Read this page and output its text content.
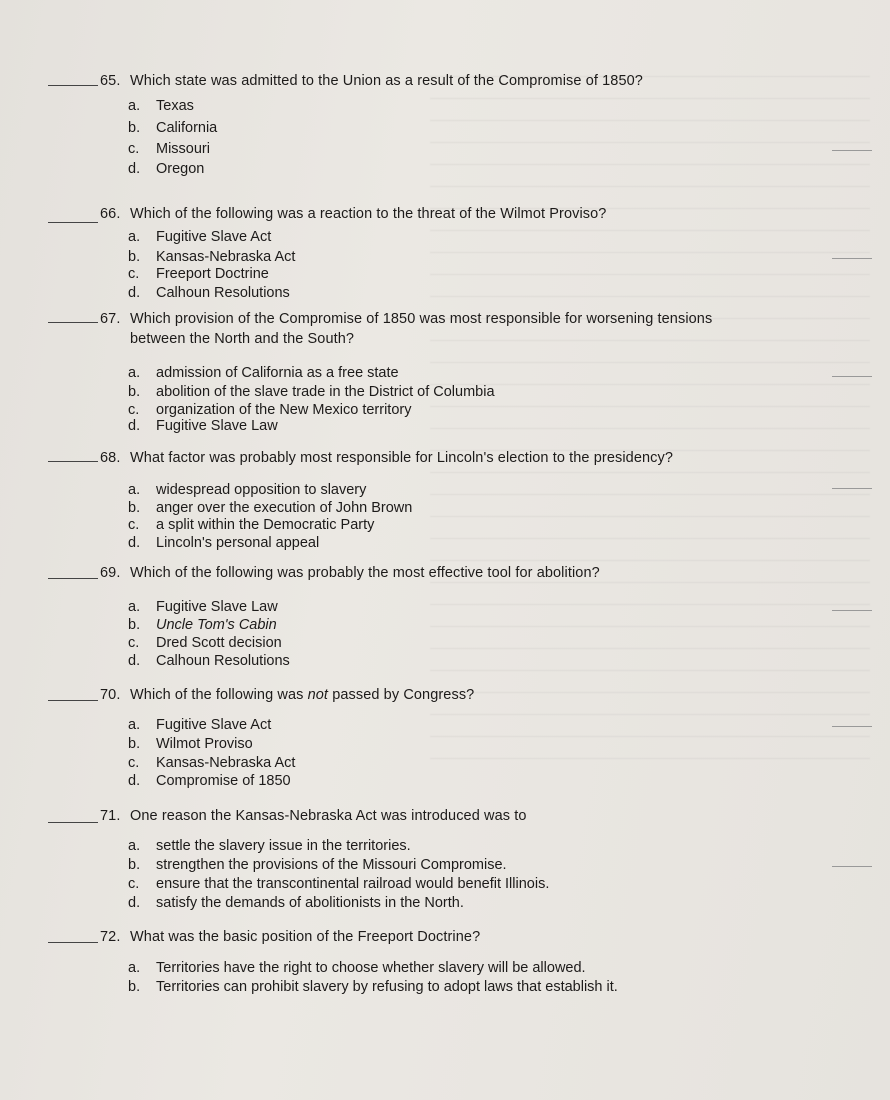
65. Which state was admitted to the Union as a result of the Compromise of 1850?
a. Texas
b. California
c. Missouri
d. Oregon
66. Which of the following was a reaction to the threat of the Wilmot Proviso?
a. Fugitive Slave Act
b. Kansas-Nebraska Act
c. Freeport Doctrine
d. Calhoun Resolutions
67. Which provision of the Compromise of 1850 was most responsible for worsening tensions
between the North and the South?
a. admission of California as a free state
b. abolition of the slave trade in the District of Columbia
c. organization of the New Mexico territory
d. Fugitive Slave Law
68. What factor was probably most responsible for Lincoln's election to the presidency?
a. widespread opposition to slavery
b. anger over the execution of John Brown
c. a split within the Democratic Party
d. Lincoln's personal appeal
69. Which of the following was probably the most effective tool for abolition?
a. Fugitive Slave Law
b. Uncle Tom's Cabin
c. Dred Scott decision
d. Calhoun Resolutions
70. Which of the following was not passed by Congress?
a. Fugitive Slave Act
b. Wilmot Proviso
c. Kansas-Nebraska Act
d. Compromise of 1850
71. One reason the Kansas-Nebraska Act was introduced was to
a. settle the slavery issue in the territories.
b. strengthen the provisions of the Missouri Compromise.
c. ensure that the transcontinental railroad would benefit Illinois.
d. satisfy the demands of abolitionists in the North.
72. What was the basic position of the Freeport Doctrine?
a. Territories have the right to choose whether slavery will be allowed.
b. Territories can prohibit slavery by refusing to adopt laws that establish it.
